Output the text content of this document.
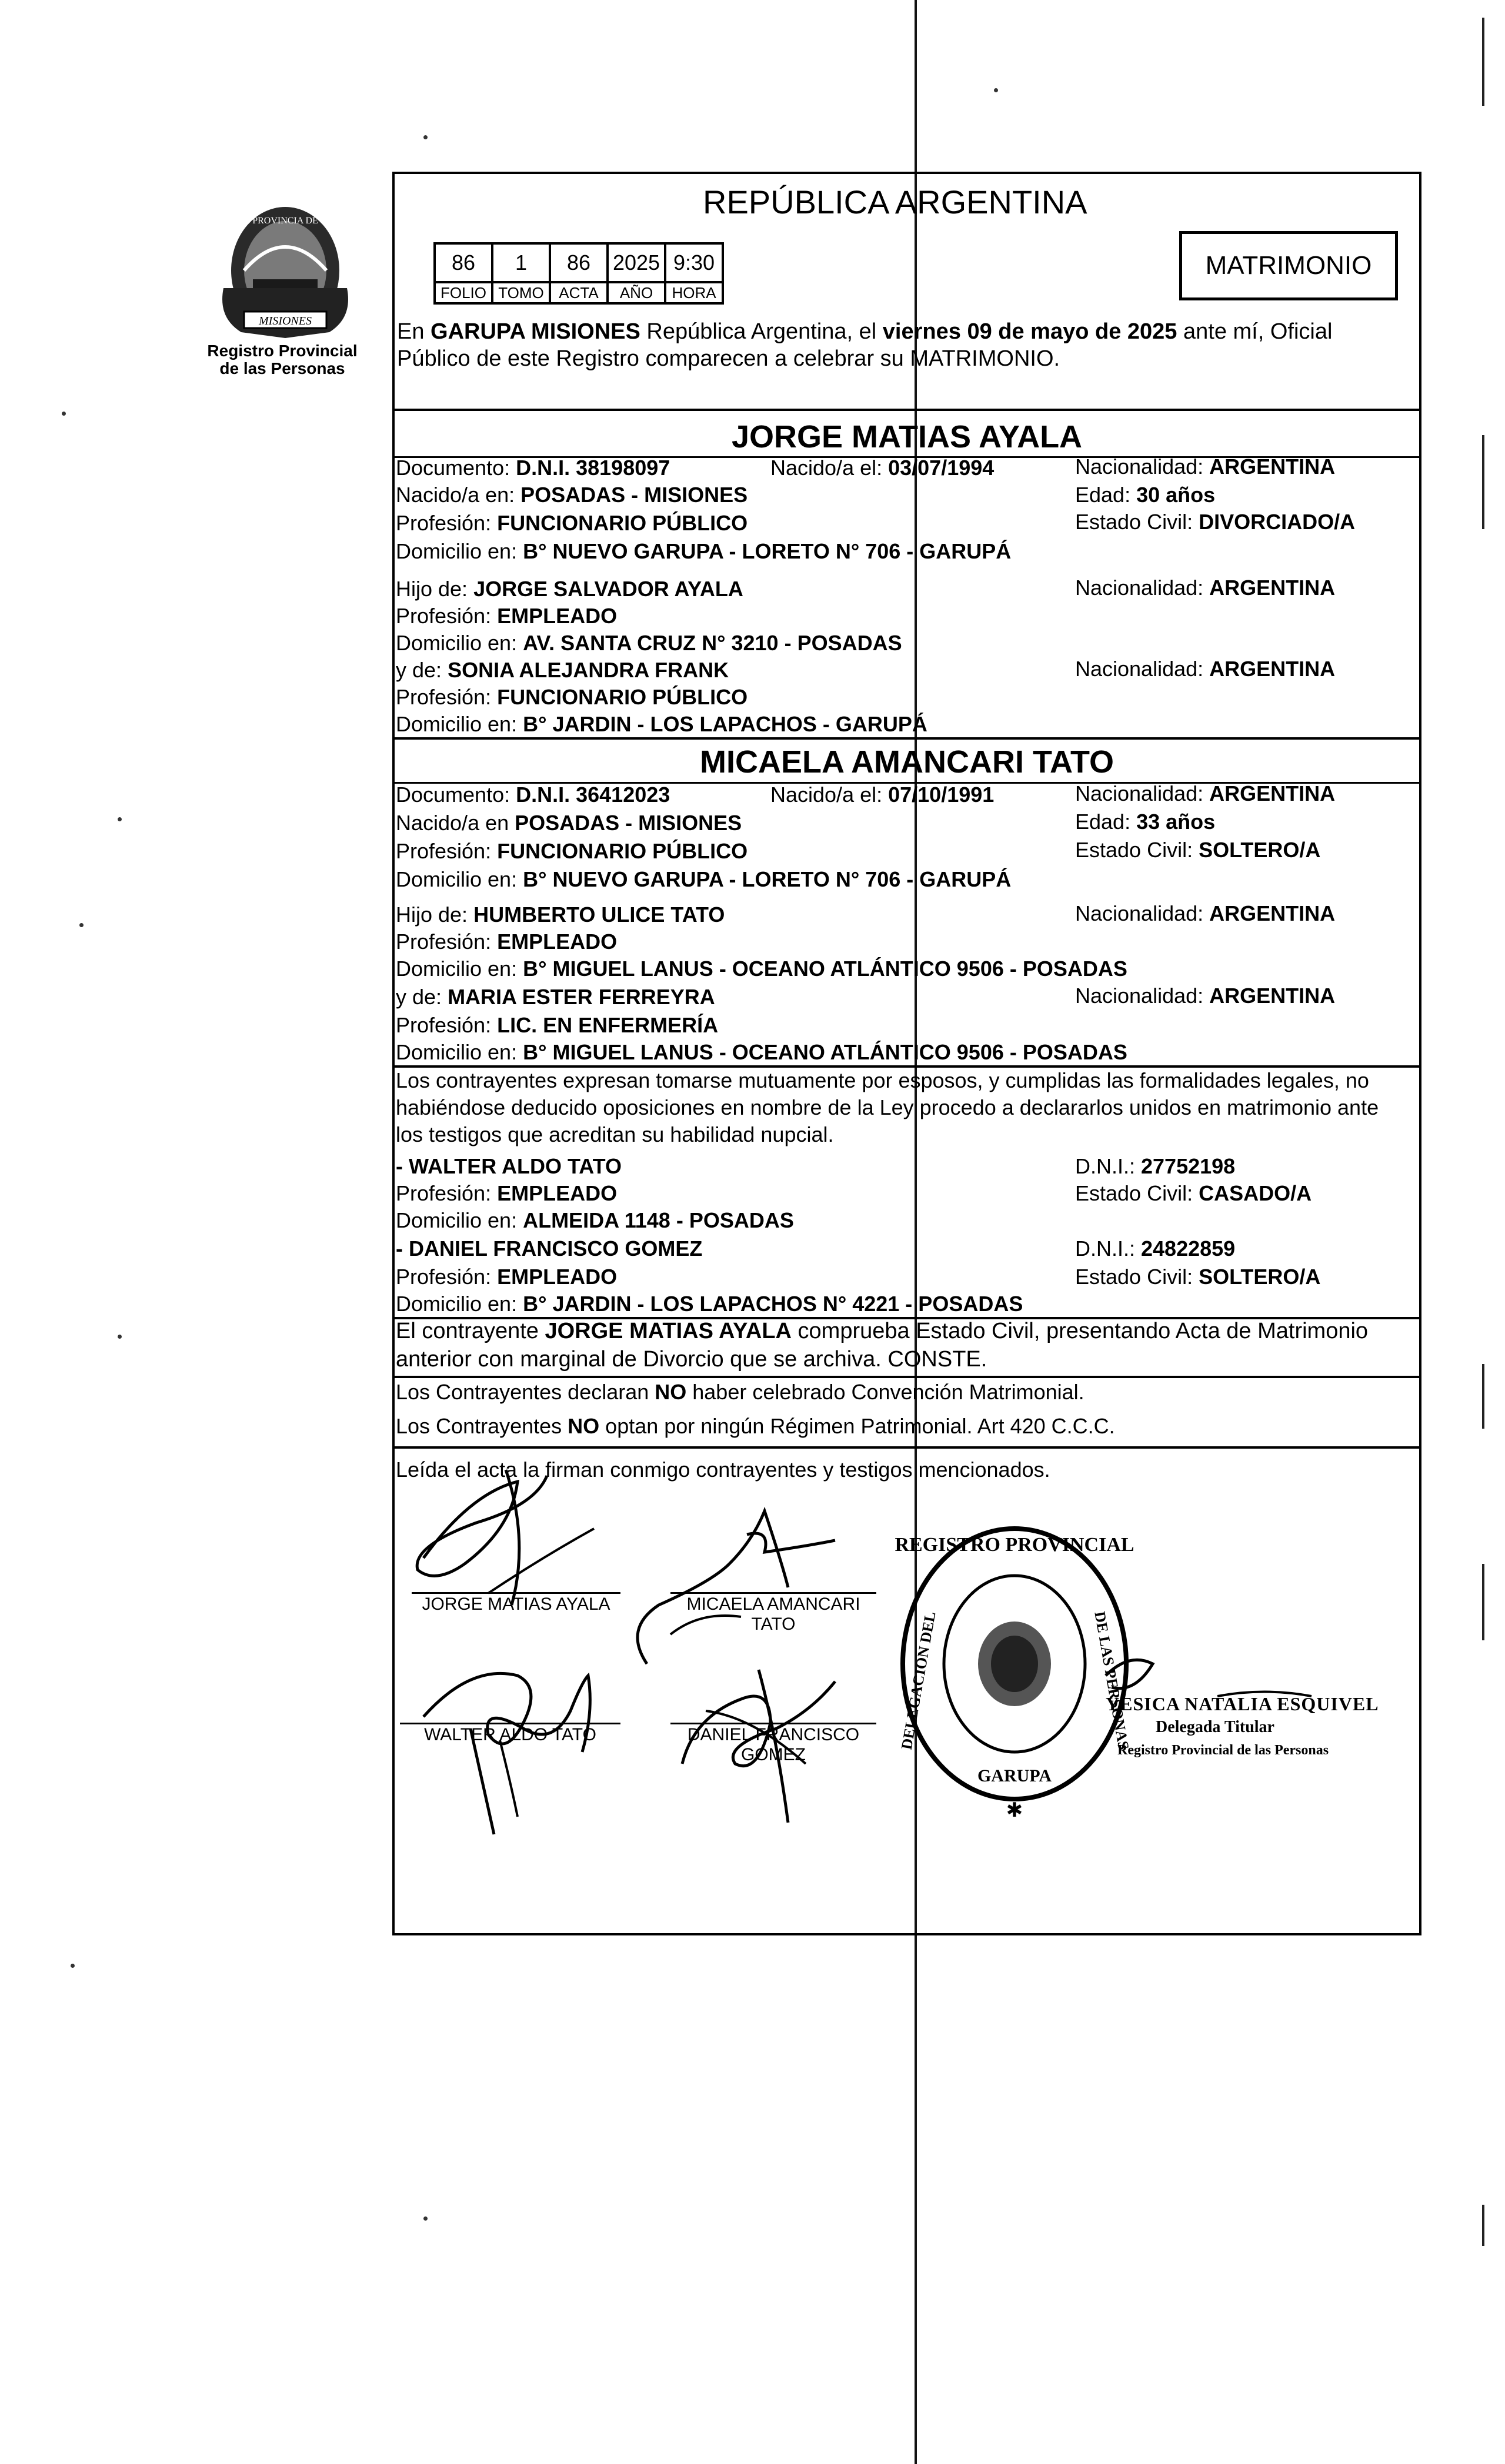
MISIONES
PROVINCIA DE
Registro Provincial
de las Personas
REPÚBLICA ARGENTINA
86	1	86	2025	9:30
FOLIO	TOMO	ACTA	AÑO	HORA
MATRIMONIO
En GARUPA MISIONES República Argentina, el viernes 09 de mayo de 2025 ante mí, Oficial
Público de este Registro comparecen a celebrar su MATRIMONIO.
JORGE MATIAS AYALA
Documento: D.N.I. 38198097	Nacido/a el: 03/07/1994	Nacionalidad: ARGENTINA
Nacido/a en: POSADAS - MISIONES	Edad: 30 años
Profesión: FUNCIONARIO PÚBLICO	Estado Civil: DIVORCIADO/A
Domicilio en: B° NUEVO GARUPA - LORETO N° 706 - GARUPÁ
Hijo de: JORGE SALVADOR AYALA	Nacionalidad: ARGENTINA
Profesión: EMPLEADO
Domicilio en: AV. SANTA CRUZ N° 3210 - POSADAS
y de: SONIA ALEJANDRA FRANK	Nacionalidad: ARGENTINA
Profesión: FUNCIONARIO PÚBLICO
Domicilio en: B° JARDIN - LOS LAPACHOS - GARUPÁ
MICAELA AMANCARI TATO
Documento: D.N.I. 36412023	Nacido/a el: 07/10/1991	Nacionalidad: ARGENTINA
Nacido/a en POSADAS - MISIONES	Edad: 33 años
Profesión: FUNCIONARIO PÚBLICO	Estado Civil: SOLTERO/A
Domicilio en: B° NUEVO GARUPA - LORETO N° 706 - GARUPÁ
Hijo de: HUMBERTO ULICE TATO	Nacionalidad: ARGENTINA
Profesión: EMPLEADO
Domicilio en: B° MIGUEL LANUS - OCEANO ATLÁNTICO 9506 - POSADAS
y de: MARIA ESTER FERREYRA	Nacionalidad: ARGENTINA
Profesión: LIC. EN ENFERMERÍA
Domicilio en: B° MIGUEL LANUS - OCEANO ATLÁNTICO 9506 - POSADAS
Los contrayentes expresan tomarse mutuamente por esposos, y cumplidas las formalidades legales, no
habiéndose deducido oposiciones en nombre de la Ley procedo a declararlos unidos en matrimonio ante
los testigos que acreditan su habilidad nupcial.
- WALTER ALDO TATO	D.N.I.: 27752198
Profesión: EMPLEADO	Estado Civil: CASADO/A
Domicilio en: ALMEIDA 1148 - POSADAS
- DANIEL FRANCISCO GOMEZ	D.N.I.: 24822859
Profesión: EMPLEADO	Estado Civil: SOLTERO/A
Domicilio en: B° JARDIN - LOS LAPACHOS N° 4221 - POSADAS
El contrayente JORGE MATIAS AYALA comprueba Estado Civil, presentando Acta de Matrimonio
anterior con marginal de Divorcio que se archiva. CONSTE.
Los Contrayentes declaran NO haber celebrado Convención Matrimonial.
Los Contrayentes NO optan por ningún Régimen Patrimonial. Art 420 C.C.C.
Leída el acta la firman conmigo contrayentes y testigos mencionados.
JORGE MATIAS AYALA	MICAELA AMANCARI
TATO
WALTER ALDO TATO	DANIEL FRANCISCO
GOMEZ
REGISTRO PROVINCIAL
DELEGACION DEL	DE LAS PERSONAS
GARUPA
✱
YESICA NATALIA ESQUIVEL
Delegada Titular
Registro Provincial de las Personas
